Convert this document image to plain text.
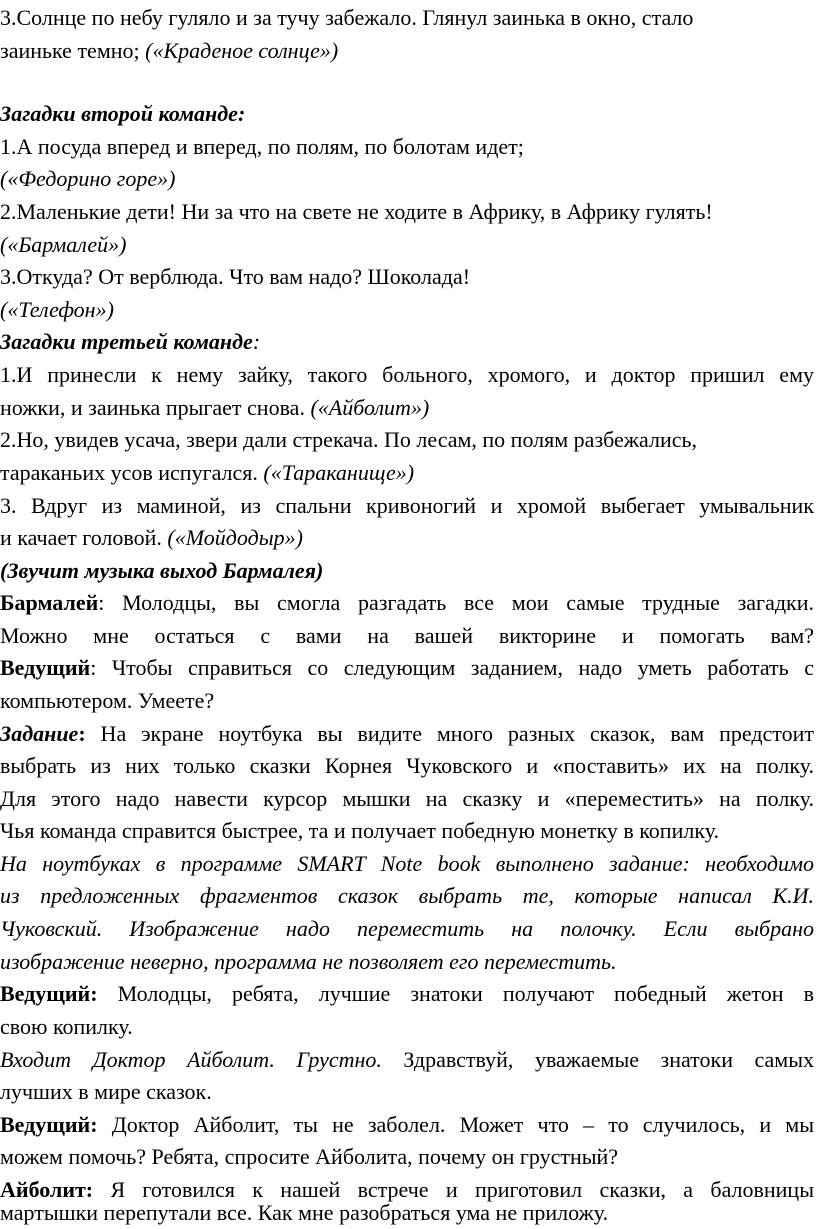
3.Солнце по небу гуляло и за тучу забежало. Глянул заинька в окно, стало
заиньке темно; («Краденое солнце»)
Загадки второй команде:
1.А посуда вперед и вперед, по полям, по болотам идет;
(«Федорино горе»)
2.Маленькие дети! Ни за что на свете не ходите в Африку, в Африку гулять!
(«Бармалей»)
3.Откуда? От верблюда. Что вам надо? Шоколада!
(«Телефон»)
Загадки третьей команде:
1.И принесли к нему зайку, такого больного, хромого, и доктор пришил ему
ножки, и заинька прыгает снова. («Айболит»)
2.Но, увидев усача, звери дали стрекача. По лесам, по полям разбежались,
тараканьих усов испугался. («Тараканище»)
3. Вдруг из маминой, из спальни кривоногий и хромой выбегает умывальник
и качает головой. («Мойдодыр»)
(Звучит музыка выход Бармалея)
Бармалей: Молодцы, вы смогла разгадать все мои самые трудные загадки.
Можно мне остаться с вами на вашей викторине и помогать вам?
Ведущий: Чтобы справиться со следующим заданием, надо уметь работать с
компьютером. Умеете?
Задание: На экране ноутбука вы видите много разных сказок, вам предстоит
выбрать из них только сказки Корнея Чуковского и «поставить» их на полку.
Для этого надо навести курсор мышки на сказку и «переместить» на полку.
Чья команда справится быстрее, та и получает победную монетку в копилку.
На ноутбуках в программе SMART Note book выполнено задание: необходимо
из предложенных фрагментов сказок выбрать те, которые написал К.И.
Чуковский. Изображение надо переместить на полочку. Если выбрано
изображение неверно, программа не позволяет его переместить.
Ведущий: Молодцы, ребята, лучшие знатоки получают победный жетон в
свою копилку.
Входит Доктор Айболит. Грустно. Здравствуй, уважаемые знатоки самых
лучших в мире сказок.
Ведущий: Доктор Айболит, ты не заболел. Может что – то случилось, и мы
можем помочь? Ребята, спросите Айболита, почему он грустный?
Айболит: Я готовился к нашей встрече и приготовил сказки, а баловницы
мартышки перепутали все. Как мне разобраться ума не приложу.
